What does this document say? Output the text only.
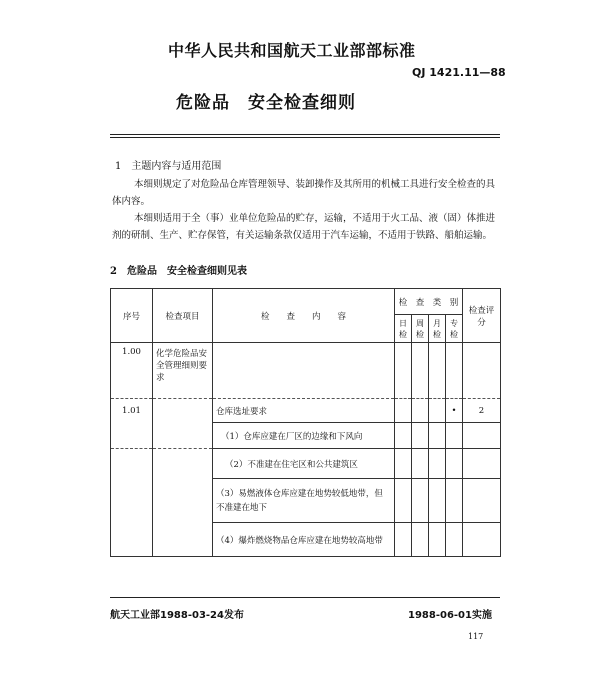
中华人民共和国航天工业部部标准
QJ 1421.11—88
危险品　安全检查细则
1　主题内容与适用范围
本细则规定了对危险品仓库管理领导、装卸操作及其所用的机械工具进行安全检查的具体内容。
本细则适用于全（事）业单位危险品的贮存，运输，不适用于火工品、液（固）体推进剂的研制、生产、贮存保管，有关运输条款仅适用于汽车运输，不适用于铁路、船舶运输。
2　危险品　安全检查细则见表
序号	检查项目	检　　查　　内　　容	检　查　类　别				检查评分
			日检	周检	月检	专检	
1.00	化学危险品安全管理细则要求						
1.01		仓库选址要求				•	2
		（1）仓库应建在厂区的边缘和下风向					
		（2）不准建在住宅区和公共建筑区					
		（3）易燃液体仓库应建在地势较低地带，但不准建在地下					
		（4）爆炸燃烧物品仓库应建在地势较高地带					
航天工业部1988-03-24发布	1988-06-01实施
117
